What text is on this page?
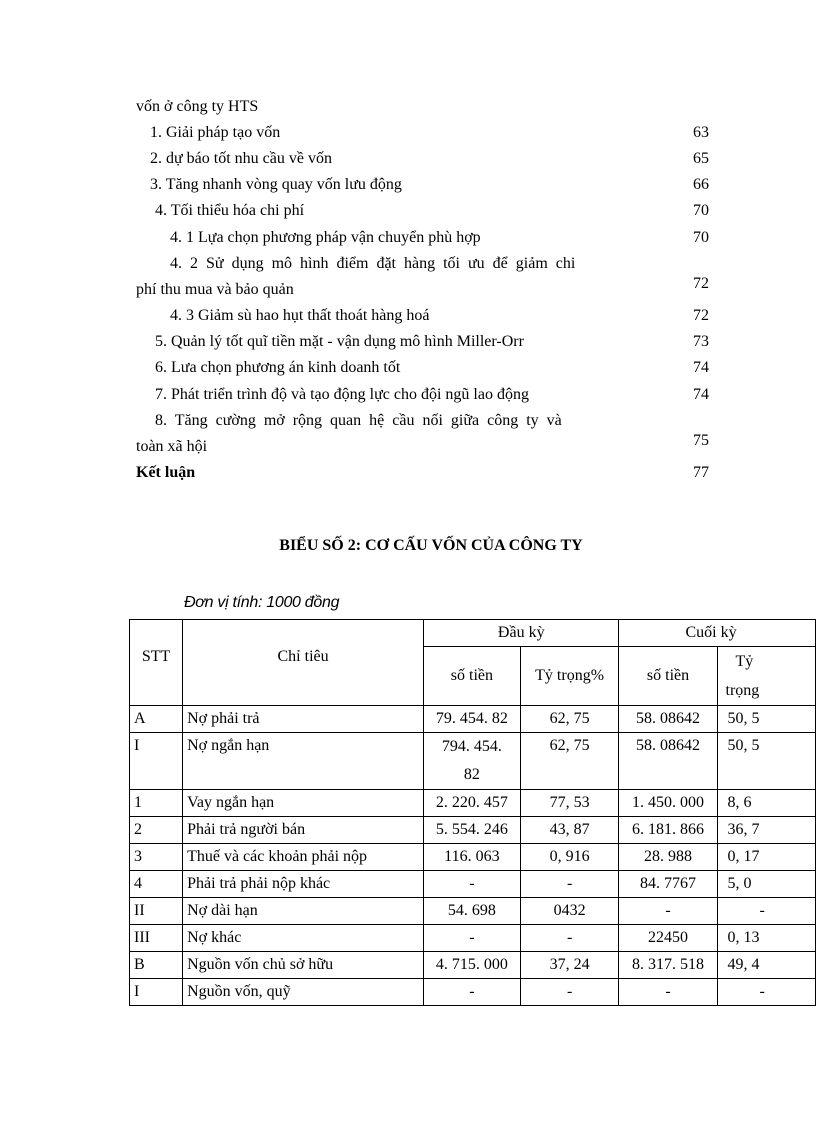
vốn ở công ty HTS
1. Giải pháp tạo vốn	63
2. dự báo tốt nhu cầu về vốn	65
3. Tăng nhanh vòng quay vốn lưu động	66
4. Tối thiểu hóa chi phí	70
4. 1 Lựa chọn phương pháp vận chuyển phù hợp	70
4. 2 Sử dụng mô hình điểm đặt hàng tối ưu để giảm chi
phí thu mua và bảo quản	72
4. 3 Giảm sù hao hụt thất thoát hàng hoá	72
5. Quản lý tốt quĩ tiền mặt - vận dụng mô hình Miller-Orr	73
6. Lưa chọn phương án kinh doanh tốt	74
7. Phát triển trình độ và tạo động lực cho đội ngũ lao động	74
8. Tăng cường mở rộng quan hệ cầu nối giữa công ty và
toàn xã hội	75
Kết luận	77
BIỂU SỐ 2: CƠ CẤU VỐN CỦA CÔNG TY
Đơn vị tính: 1000 đồng
STT	Chỉ tiêu	Đầu kỳ		Cuối kỳ	
		số tiền	Tỷ trọng%	số tiền	Tỷ
trọng
A	Nợ phải trả	79. 454. 82	62, 75	58. 08642	50, 5
I	Nợ ngắn hạn	794. 454.
82	62, 75	58. 08642	50, 5
1	Vay ngắn hạn	2. 220. 457	77, 53	1. 450. 000	8, 6
2	Phải trả người bán	5. 554. 246	43, 87	6. 181. 866	36, 7
3	Thuế và các khoản phải nộp	116. 063	0, 916	28. 988	0, 17
4	Phải trả phải nộp khác	-	-	84. 7767	5, 0
II	Nợ dài hạn	54. 698	0432	-	-
III	Nợ khác	-	-	22450	0, 13
B	Nguồn vốn chủ sở hữu	4. 715. 000	37, 24	8. 317. 518	49, 4
I	Nguồn vốn, quỹ	-	-	-	-
